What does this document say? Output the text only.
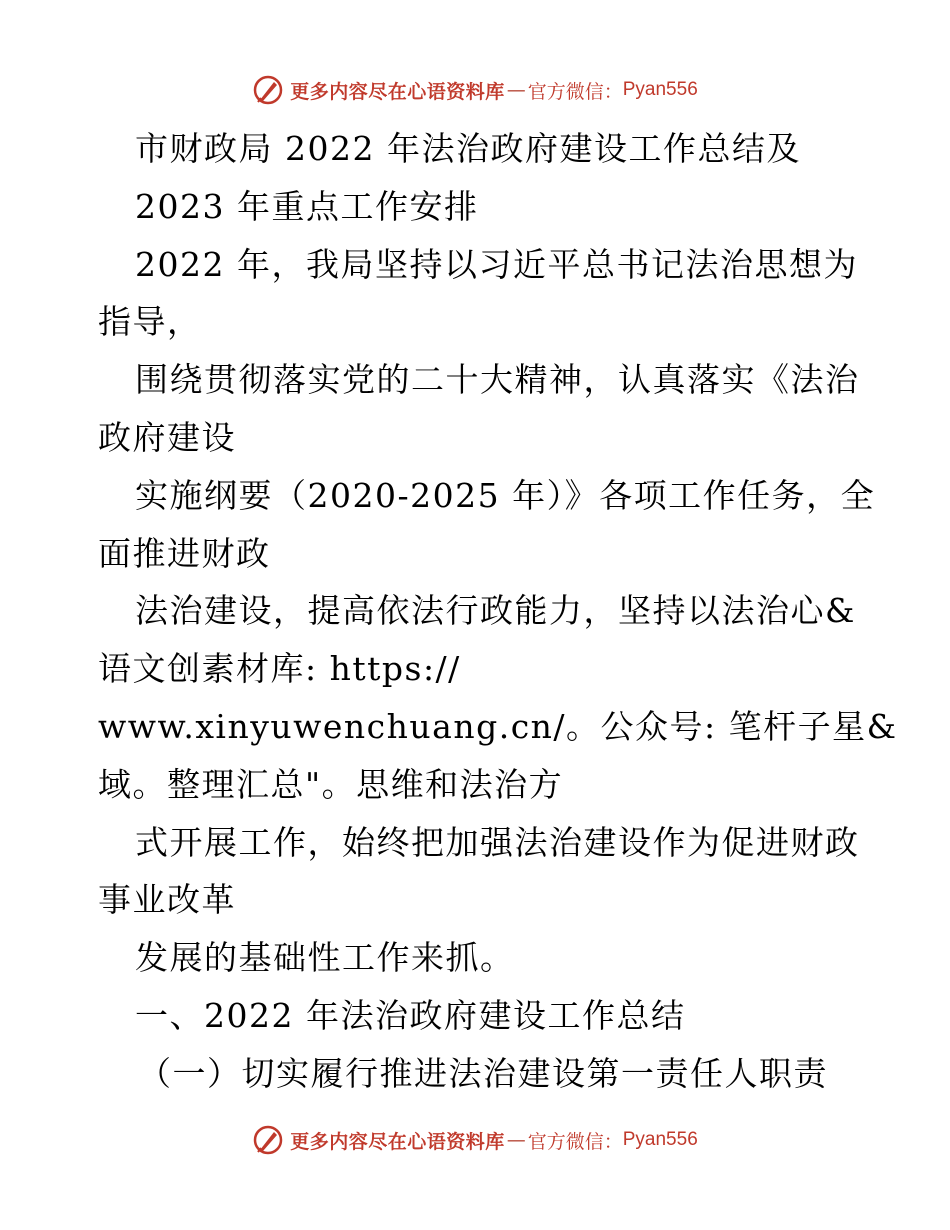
更多内容尽在心语资料库 — 官方微信： Pyan556
市财政局 2022 年法治政府建设工作总结及
2023 年重点工作安排
2022 年，我局坚持以习近平总书记法治思想为
指导，
围绕贯彻落实党的二十大精神，认真落实《法治
政府建设
实施纲要（2020-2025 年）》各项工作任务，全
面推进财政
法治建设，提高依法行政能力，坚持以法治心&
语文创素材库: https://
www.xinyuwenchuang.cn/。公众号: 笔杆子星&
域。整理汇总"。思维和法治方
式开展工作，始终把加强法治建设作为促进财政
事业改革
发展的基础性工作来抓。
一、2022 年法治政府建设工作总结
（一）切实履行推进法治建设第一责任人职责
更多内容尽在心语资料库 — 官方微信： Pyan556
